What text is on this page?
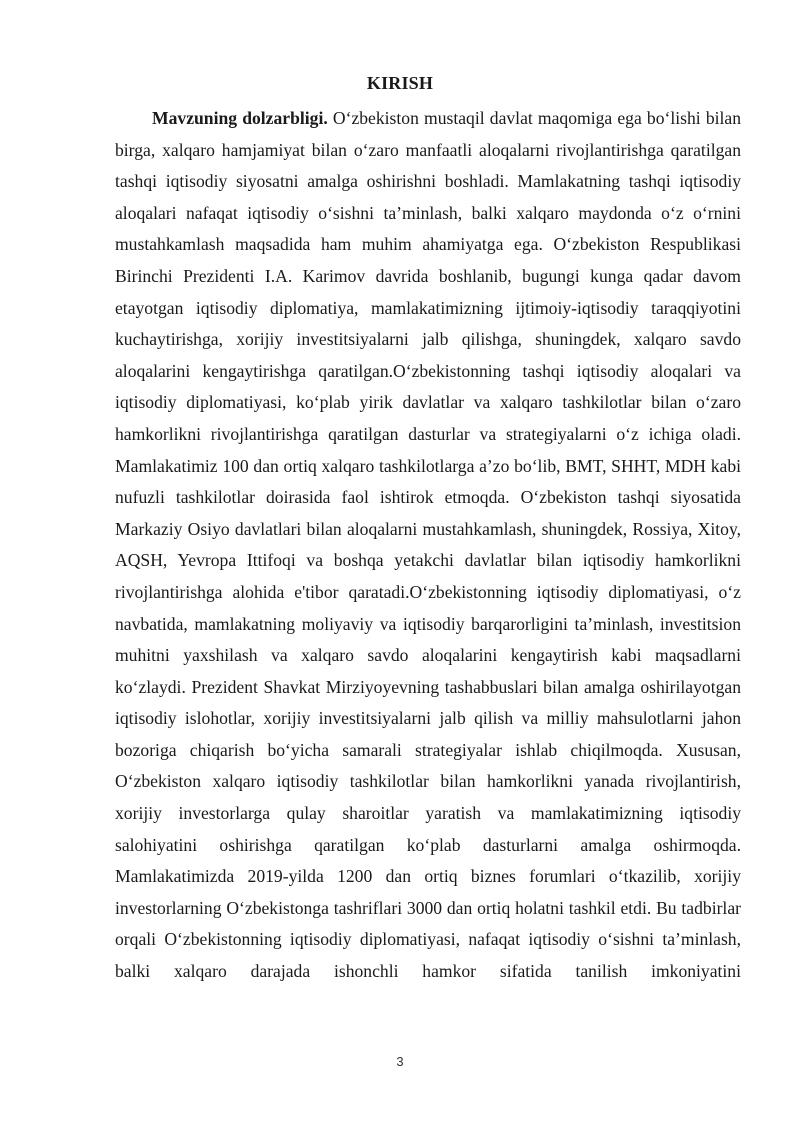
KIRISH

Mavzuning dolzarbligi. O‘zbekiston mustaqil davlat maqomiga ega bo‘lishi bilan birga, xalqaro hamjamiyat bilan o‘zaro manfaatli aloqalarni rivojlantirishga qaratilgan tashqi iqtisodiy siyosatni amalga oshirishni boshladi. Mamlakatning tashqi iqtisodiy aloqalari nafaqat iqtisodiy o‘sishni ta’minlash, balki xalqaro maydonda o‘z o‘rnini mustahkamlash maqsadida ham muhim ahamiyatga ega. O‘zbekiston Respublikasi Birinchi Prezidenti I.A. Karimov davrida boshlanib, bugungi kunga qadar davom etayotgan iqtisodiy diplomatiya, mamlakatimizning ijtimoiy-iqtisodiy taraqqiyotini kuchaytirishga, xorijiy investitsiyalarni jalb qilishga, shuningdek, xalqaro savdo aloqalarini kengaytirishga qaratilgan.O‘zbekistonning tashqi iqtisodiy aloqalari va iqtisodiy diplomatiyasi, ko‘plab yirik davlatlar va xalqaro tashkilotlar bilan o‘zaro hamkorlikni rivojlantirishga qaratilgan dasturlar va strategiyalarni o‘z ichiga oladi. Mamlakatimiz 100 dan ortiq xalqaro tashkilotlarga a’zo bo‘lib, BMT, SHHT, MDH kabi nufuzli tashkilotlar doirasida faol ishtirok etmoqda. O‘zbekiston tashqi siyosatida Markaziy Osiyo davlatlari bilan aloqalarni mustahkamlash, shuningdek, Rossiya, Xitoy, AQSH, Yevropa Ittifoqi va boshqa yetakchi davlatlar bilan iqtisodiy hamkorlikni rivojlantirishga alohida e'tibor qaratadi.O‘zbekistonning iqtisodiy diplomatiyasi, o‘z navbatida, mamlakatning moliyaviy va iqtisodiy barqarorligini ta’minlash, investitsion muhitni yaxshilash va xalqaro savdo aloqalarini kengaytirish kabi maqsadlarni ko‘zlaydi. Prezident Shavkat Mirziyoyevning tashabbuslari bilan amalga oshirilayotgan iqtisodiy islohotlar, xorijiy investitsiyalarni jalb qilish va milliy mahsulotlarni jahon bozoriga chiqarish bo‘yicha samarali strategiyalar ishlab chiqilmoqda. Xususan, O‘zbekiston xalqaro iqtisodiy tashkilotlar bilan hamkorlikni yanada rivojlantirish, xorijiy investorlarga qulay sharoitlar yaratish va mamlakatimizning iqtisodiy salohiyatini oshirishga qaratilgan ko‘plab dasturlarni amalga oshirmoqda. Mamlakatimizda 2019-yilda 1200 dan ortiq biznes forumlari o‘tkazilib, xorijiy investorlarning O‘zbekistonga tashriflari 3000 dan ortiq holatni tashkil etdi. Bu tadbirlar orqali O‘zbekistonning iqtisodiy diplomatiyasi, nafaqat iqtisodiy o‘sishni ta’minlash, balki xalqaro darajada ishonchli hamkor sifatida tanilish imkoniyatini

3
